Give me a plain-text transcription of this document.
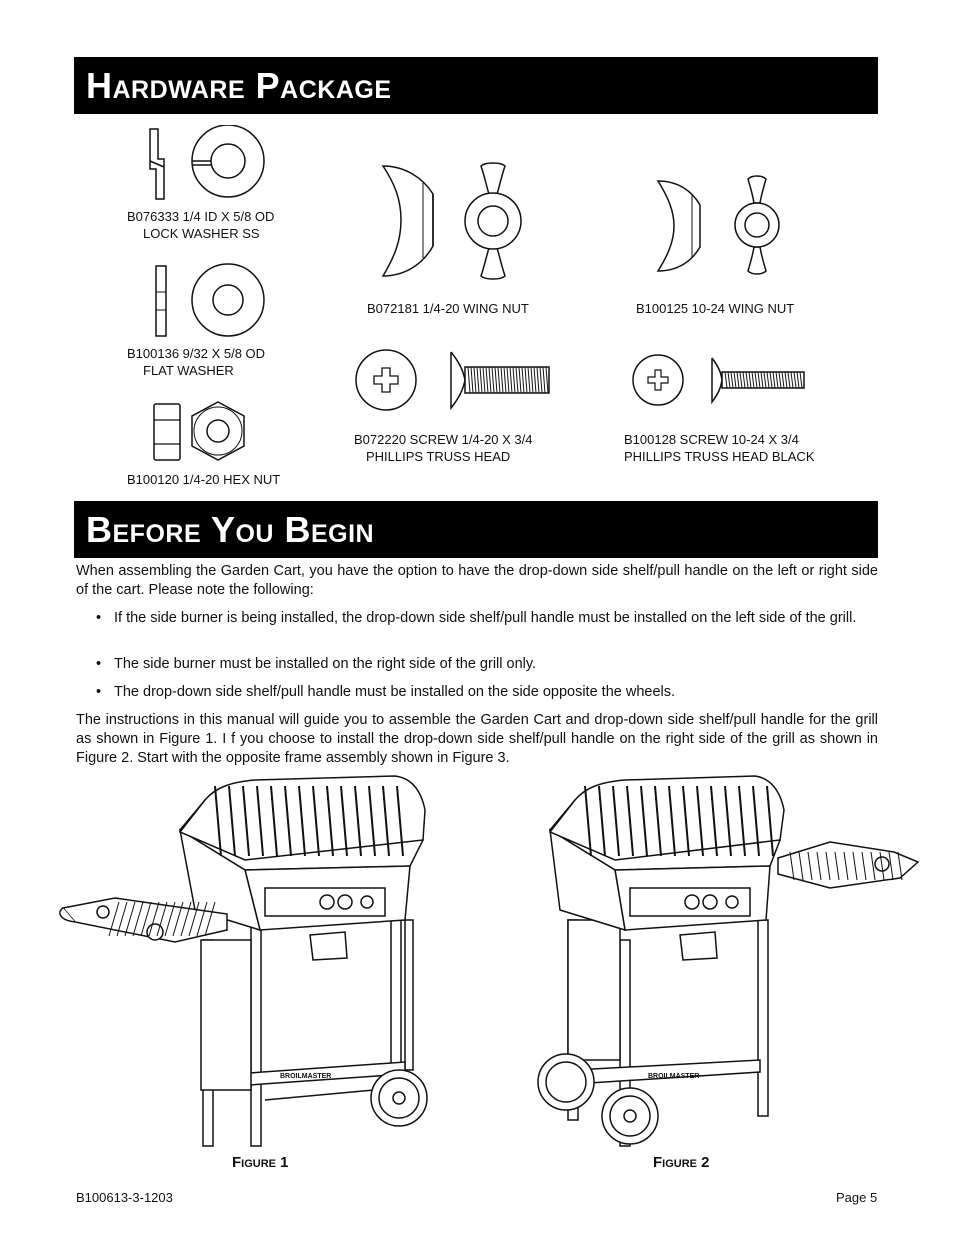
Hardware Package
B076333 1/4 ID X 5/8 OD
LOCK WASHER SS
B072181 1/4-20 WING NUT	B100125 10-24 WING NUT
B100136 9/32 X 5/8 OD
FLAT WASHER
B072220 SCREW 1/4-20 X 3/4
PHILLIPS TRUSS HEAD
B100128 SCREW 10-24 X 3/4
PHILLIPS TRUSS HEAD BLACK
B100120 1/4-20 HEX NUT
Before You Begin
When assembling the Garden Cart, you have the option to have the drop-down side shelf/pull handle on the left or right side of the cart. Please note the following:
• If the side burner is being installed, the drop-down side shelf/pull handle must be installed on the left side of the grill.
• The side burner must be installed on the right side of the grill only.
• The drop-down side shelf/pull handle must be installed on the side opposite the wheels.
The instructions in this manual will guide you to assemble the Garden Cart and drop-down side shelf/pull handle for the grill as shown in Figure 1. I f you choose to install the drop-down side shelf/pull handle on the right side of the grill as shown in Figure 2. Start with the opposite frame assembly shown in Figure 3.
BROILMASTER
Figure 1
BROILMASTER
Figure 2
B100613-3-1203	Page 5
